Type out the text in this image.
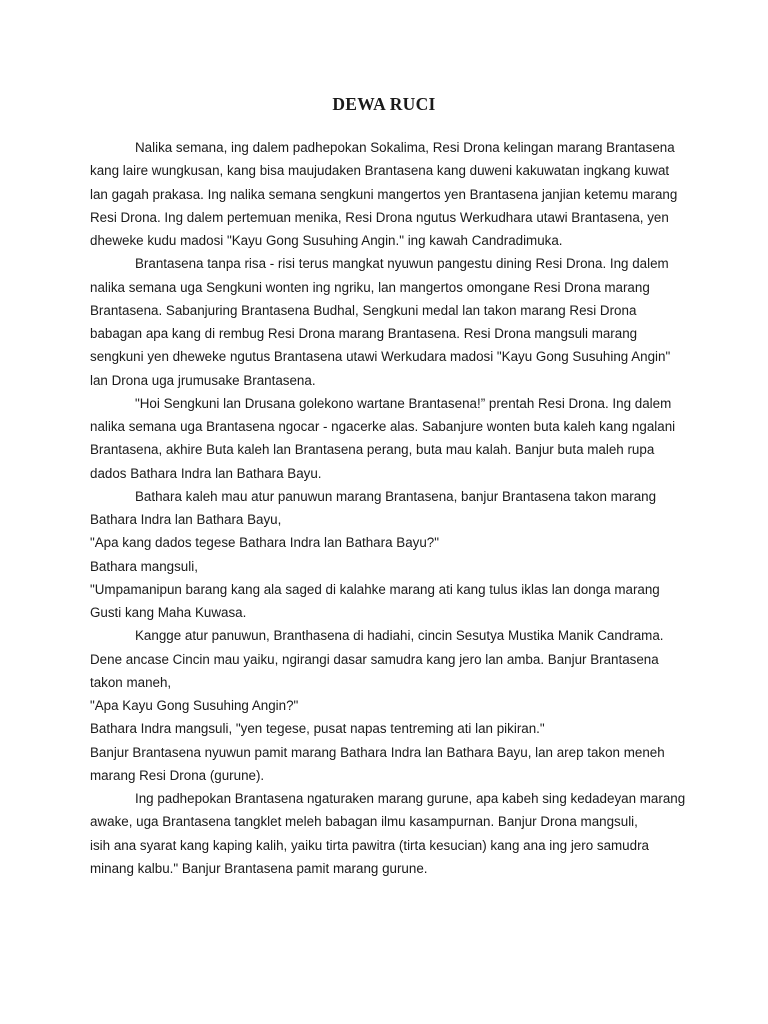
DEWA RUCI

Nalika semana, ing dalem padhepokan Sokalima, Resi Drona kelingan marang Brantasena kang laire wungkusan, kang bisa maujudaken Brantasena kang duweni kakuwatan ingkang kuwat lan gagah prakasa. Ing nalika semana sengkuni mangertos yen Brantasena janjian ketemu marang Resi Drona. Ing dalem pertemuan menika, Resi Drona ngutus Werkudhara utawi Brantasena, yen dheweke kudu madosi "Kayu Gong Susuhing Angin." ing kawah Candradimuka.

Brantasena tanpa risa - risi terus mangkat nyuwun pangestu dining Resi Drona. Ing dalem nalika semana uga Sengkuni wonten ing ngriku, lan mangertos omongane Resi Drona marang Brantasena. Sabanjuring Brantasena Budhal, Sengkuni medal lan takon marang Resi Drona babagan apa kang di rembug Resi Drona marang Brantasena. Resi Drona mangsuli marang sengkuni yen dheweke ngutus Brantasena utawi Werkudara madosi "Kayu Gong Susuhing Angin" lan Drona uga jrumusake Brantasena.

"Hoi Sengkuni lan Drusana golekono wartane Brantasena!” prentah Resi Drona. Ing dalem nalika semana uga Brantasena ngocar - ngacerke alas. Sabanjure wonten buta kaleh kang ngalani Brantasena, akhire Buta kaleh lan Brantasena perang, buta mau kalah. Banjur buta maleh rupa dados Bathara Indra lan Bathara Bayu.

Bathara kaleh mau atur panuwun marang Brantasena, banjur Brantasena takon marang Bathara Indra lan Bathara Bayu,

"Apa kang dados tegese Bathara Indra lan Bathara Bayu?"

Bathara mangsuli,

"Umpamanipun barang kang ala saged di kalahke marang ati kang tulus iklas lan donga marang Gusti kang Maha Kuwasa.

Kangge atur panuwun, Branthasena di hadiahi, cincin Sesutya Mustika Manik Candrama. Dene ancase Cincin mau yaiku, ngirangi dasar samudra kang jero lan amba. Banjur Brantasena takon maneh,

"Apa Kayu Gong Susuhing Angin?"

Bathara Indra mangsuli, "yen tegese, pusat napas tentreming ati lan pikiran."

Banjur Brantasena nyuwun pamit marang Bathara Indra lan Bathara Bayu, lan arep takon meneh marang Resi Drona (gurune).

Ing padhepokan Brantasena ngaturaken marang gurune, apa kabeh sing kedadeyan marang awake, uga Brantasena tangklet meleh babagan ilmu kasampurnan. Banjur Drona mangsuli,

isih ana syarat kang kaping kalih, yaiku tirta pawitra (tirta kesucian) kang ana ing jero samudra minang kalbu." Banjur Brantasena pamit marang gurune.
